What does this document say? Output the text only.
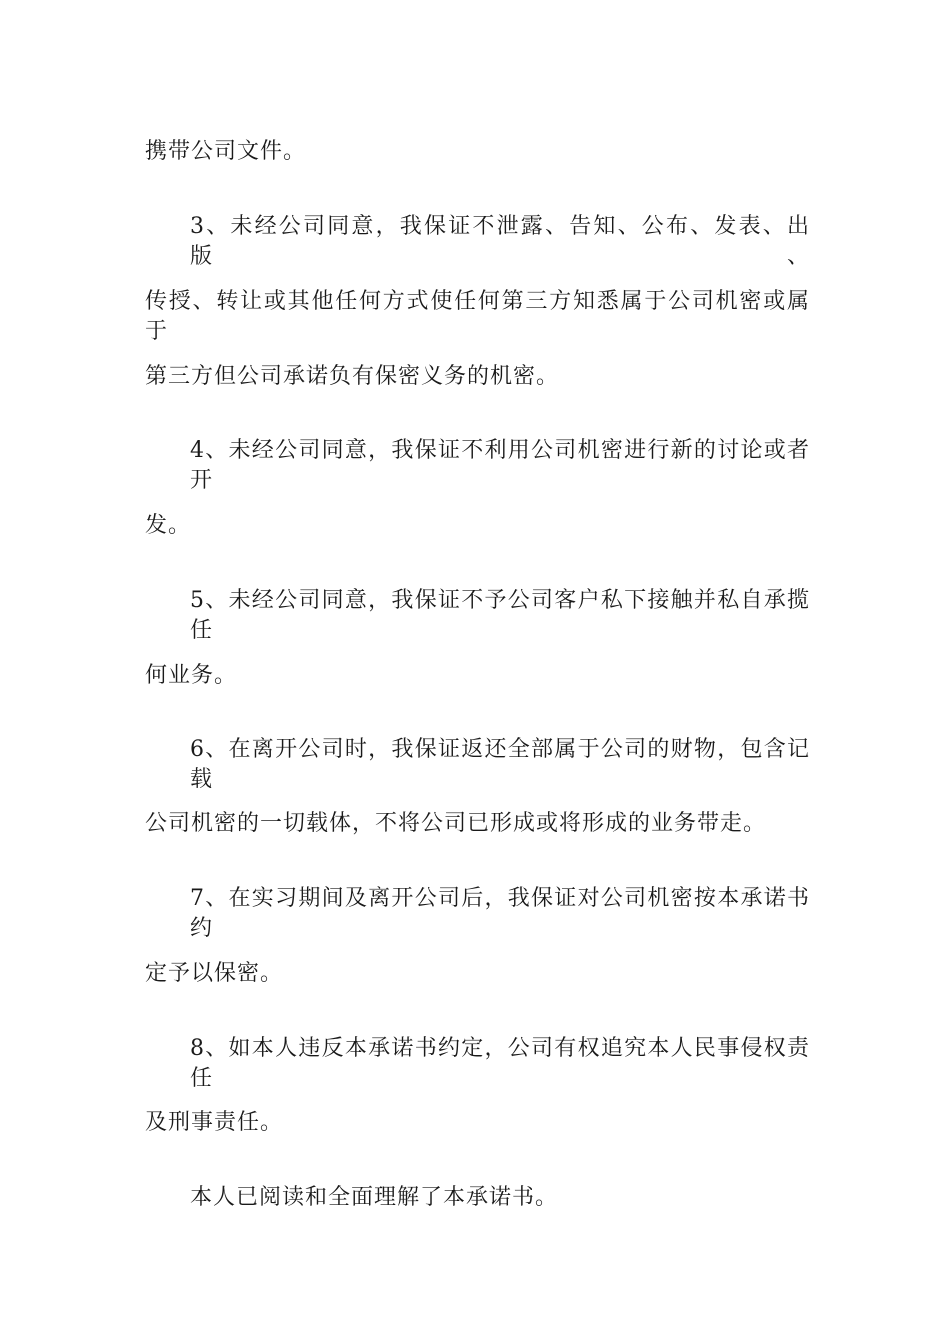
携带公司文件。
3、未经公司同意，我保证不泄露、告知、公布、发表、出版、
传授、转让或其他任何方式使任何第三方知悉属于公司机密或属于
第三方但公司承诺负有保密义务的机密。
4、未经公司同意，我保证不利用公司机密进行新的讨论或者开
发。
5、未经公司同意，我保证不予公司客户私下接触并私自承揽任
何业务。
6、在离开公司时，我保证返还全部属于公司的财物，包含记载
公司机密的一切载体，不将公司已形成或将形成的业务带走。
7、在实习期间及离开公司后，我保证对公司机密按本承诺书约
定予以保密。
8、如本人违反本承诺书约定，公司有权追究本人民事侵权责任
及刑事责任。
本人已阅读和全面理解了本承诺书。
